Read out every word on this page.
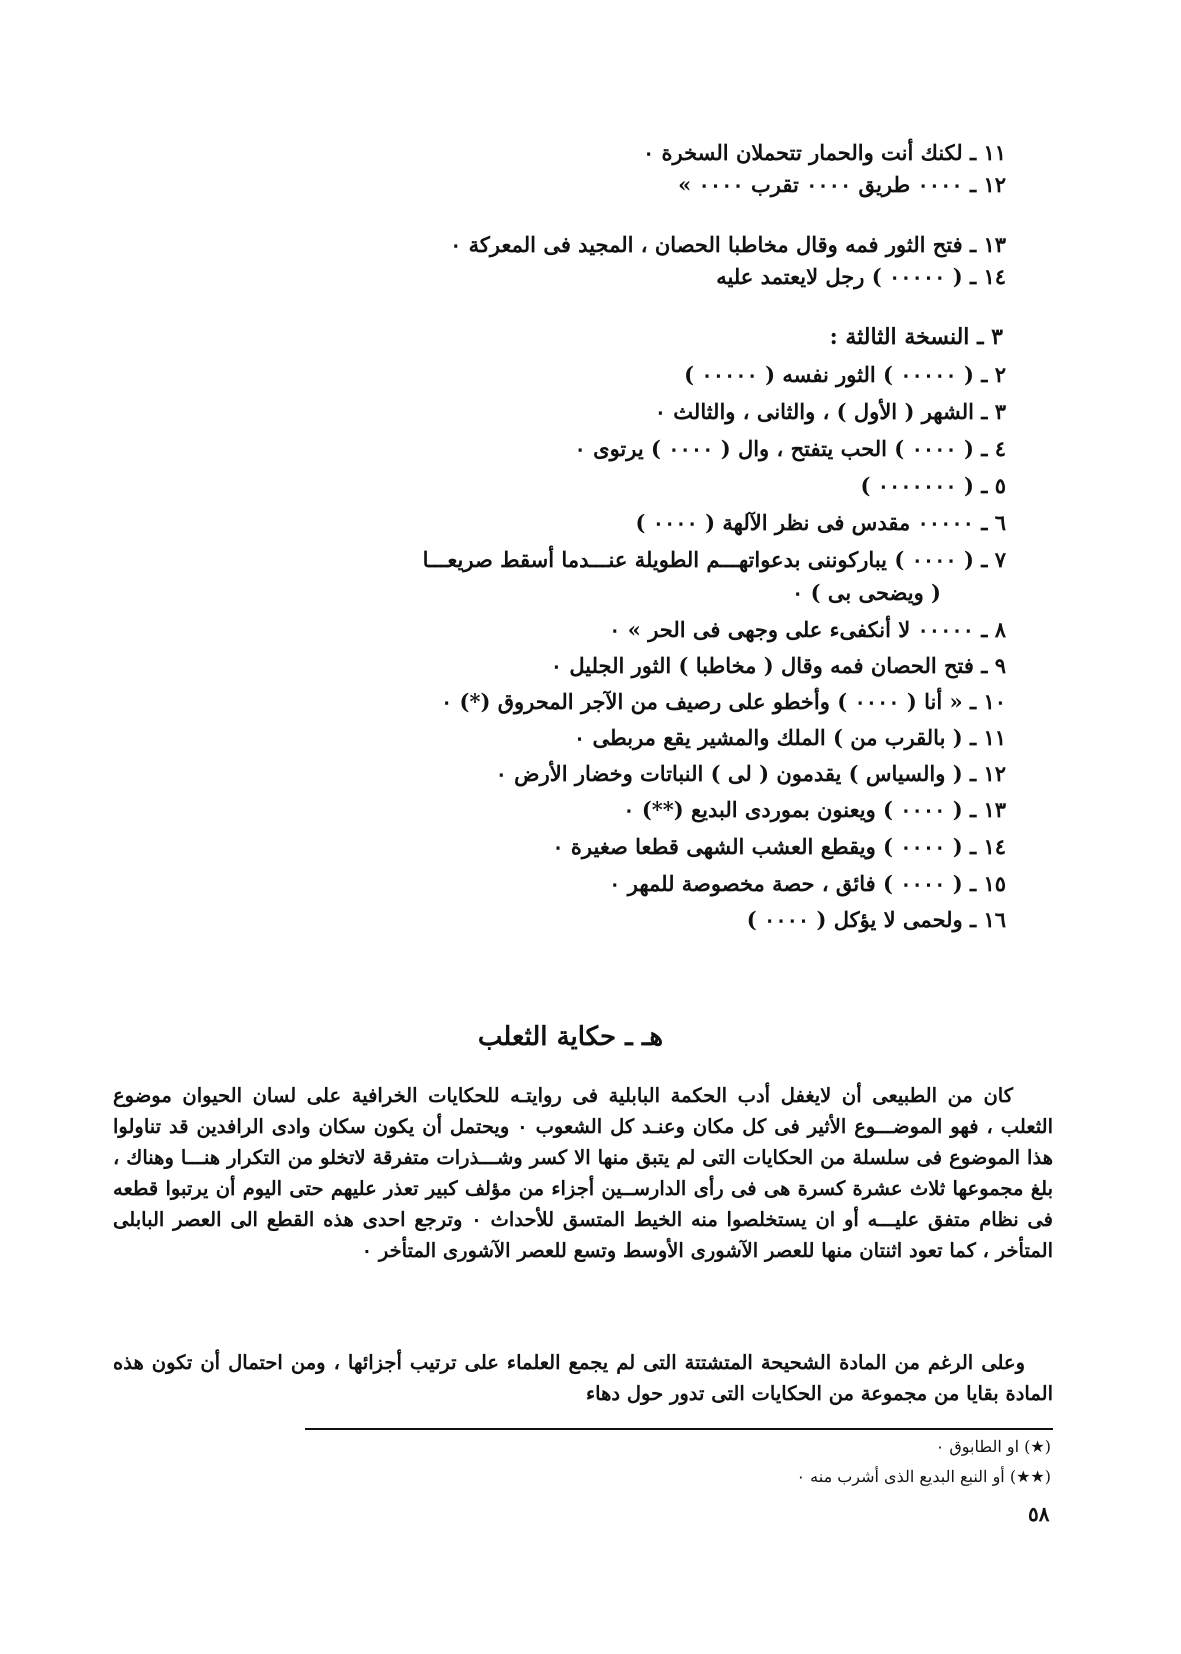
١١ ـ لكنك أنت والحمار تتحملان السخرة ٠
١٢ ـ ٠٠٠٠ طريق ٠٠٠٠ تقرب ٠٠٠٠ »
١٣ ـ فتح الثور فمه وقال مخاطبا الحصان ، المجيد فى المعركة ٠
١٤ ـ ( ٠٠٠٠٠ ) رجل لايعتمد عليه
٣ ـ النسخة الثالثة :
٢ ـ ( ٠٠٠٠٠ ) الثور نفسه ( ٠٠٠٠٠ )
٣ ـ الشهر ( الأول ) ، والثانى ، والثالث ٠
٤ ـ ( ٠٠٠٠ ) الحب يتفتح ، وال ( ٠٠٠٠ ) يرتوى ٠
٥ ـ ( ٠٠٠٠٠٠٠ )
٦ ـ ٠٠٠٠٠ مقدس فى نظر الآلهة ( ٠٠٠٠ )
٧ ـ ( ٠٠٠٠ ) يباركوننى بدعواتهـــم الطويلة عنـــدما أسقط صريعـــا
( ويضحى بى ) ٠
٨ ـ ٠٠٠٠٠ لا أنكفىء على وجهى فى الحر » ٠
٩ ـ فتح الحصان فمه وقال ( مخاطبا ) الثور الجليل ٠
١٠ ـ « أنا ( ٠٠٠٠ ) وأخطو على رصيف من الآجر المحروق (*) ٠
١١ ـ ( بالقرب من ) الملك والمشير يقع مربطى ٠
١٢ ـ ( والسياس ) يقدمون ( لى ) النباتات وخضار الأرض ٠
١٣ ـ ( ٠٠٠٠ ) ويعنون بموردى البديع (**) ٠
١٤ ـ ( ٠٠٠٠ ) ويقطع العشب الشهى قطعا صغيرة ٠
١٥ ـ ( ٠٠٠٠ ) فائق ، حصة مخصوصة للمهر ٠
١٦ ـ ولحمى لا يؤكل ( ٠٠٠٠ )
هـ ـ حكاية الثعلب
كان من الطبيعى أن لايغفل أدب الحكمة البابلية فى روايتـه للحكايات الخرافية على لسان الحيوان موضوع الثعلب ، فهو الموضـــوع الأثير فى كل مكان وعنـد كل الشعوب ٠ ويحتمل أن يكون سكان وادى الرافدين قد تناولوا هذا الموضوع فى سلسلة من الحكايات التى لم يتبق منها الا كسر وشـــذرات متفرقة لاتخلو من التكرار هنـــا وهناك ، بلغ مجموعها ثلاث عشرة كسرة هى فى رأى الدارســين أجزاء من مؤلف كبير تعذر عليهم حتى اليوم أن يرتبوا قطعه فى نظام متفق عليـــه أو ان يستخلصوا منه الخيط المتسق للأحداث ٠ وترجع احدى هذه القطع الى العصر البابلى المتأخر ، كما تعود اثنتان منها للعصر الآشورى الأوسط وتسع للعصر الآشورى المتأخر ٠
وعلى الرغم من المادة الشحيحة المتشتتة التى لم يجمع العلماء على ترتيب أجزائها ، ومن احتمال أن تكون هذه المادة بقايا من مجموعة من الحكايات التى تدور حول دهاء
(★) او الطابوق ٠
(★★) أو النبع البديع الذى أشرب منه ٠
٥٨
